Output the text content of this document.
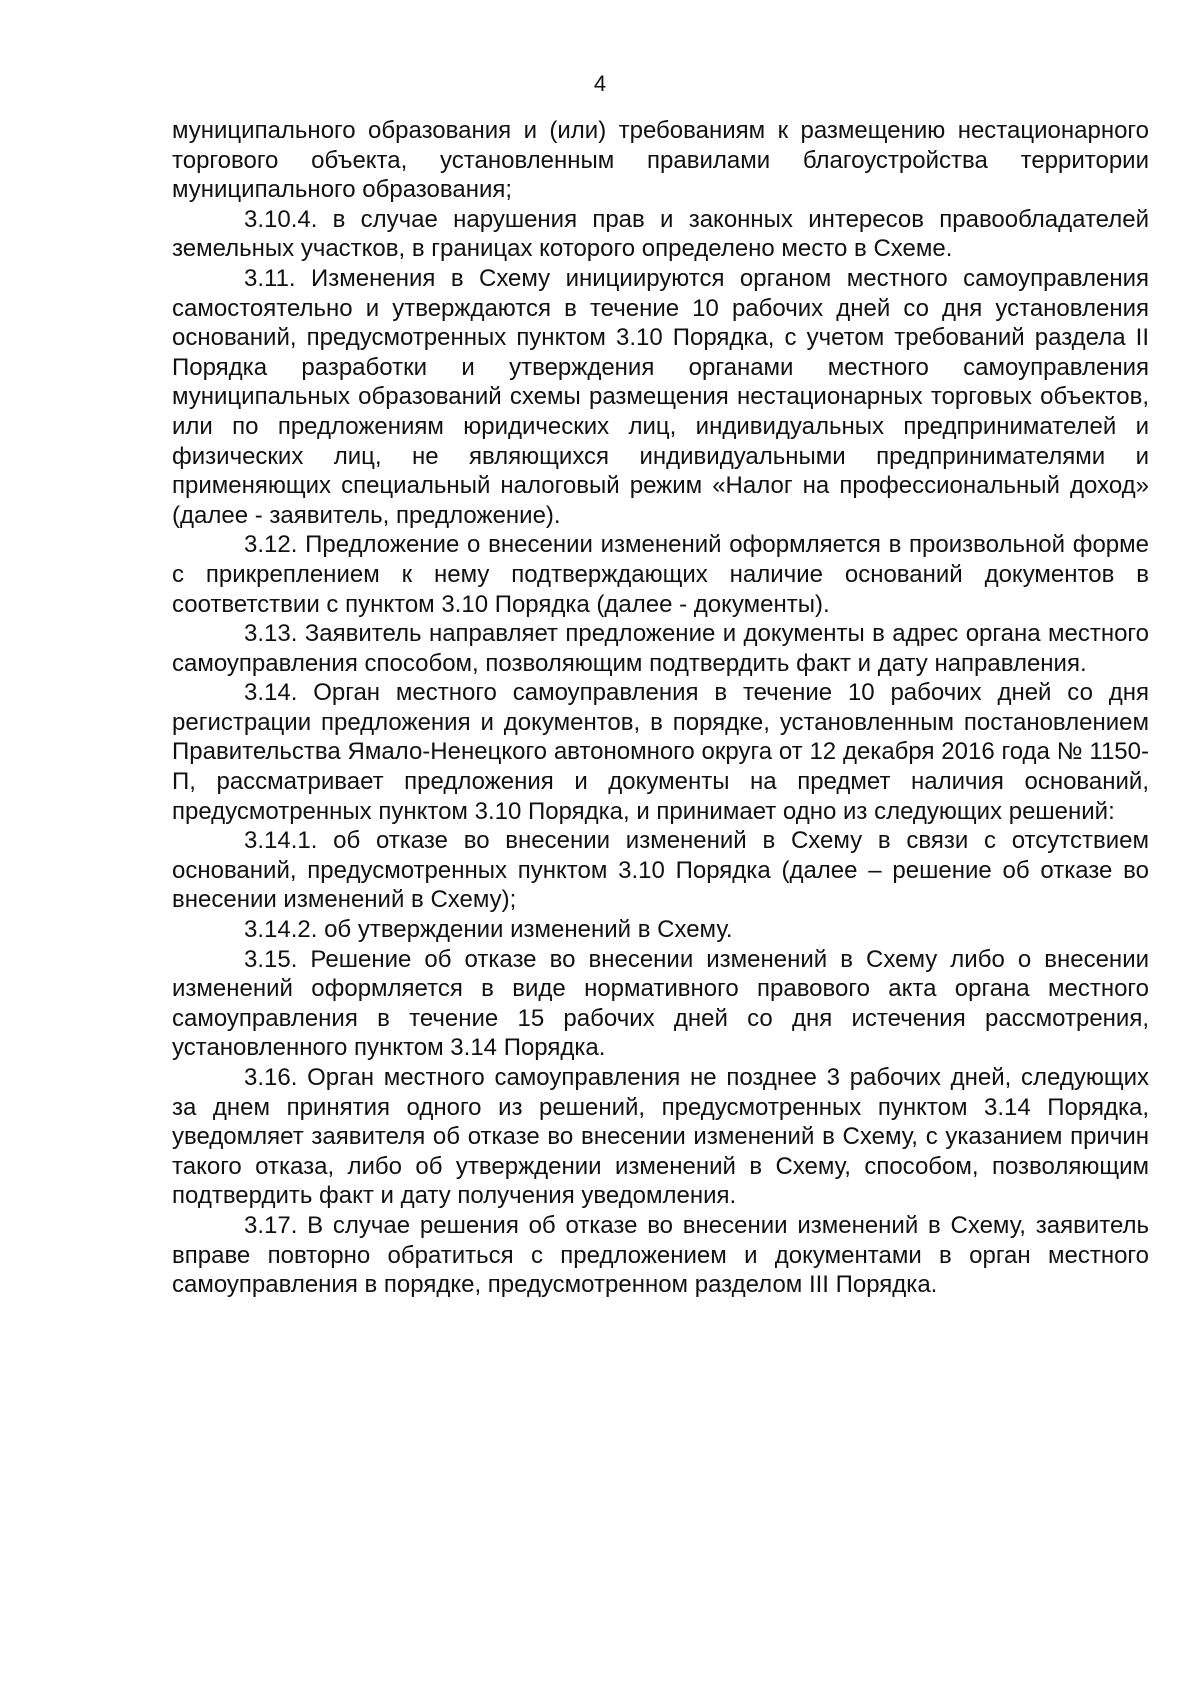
4

муниципального образования и (или) требованиям к размещению нестационарного торгового объекта, установленным правилами благоустройства территории муниципального образования;

3.10.4. в случае нарушения прав и законных интересов правообладателей земельных участков, в границах которого определено место в Схеме.

3.11. Изменения в Схему инициируются органом местного самоуправления самостоятельно и утверждаются в течение 10 рабочих дней со дня установления оснований, предусмотренных пунктом 3.10 Порядка, с учетом требований раздела II Порядка разработки и утверждения органами местного самоуправления муниципальных образований схемы размещения нестационарных торговых объектов, или по предложениям юридических лиц, индивидуальных предпринимателей и физических лиц, не являющихся индивидуальными предпринимателями и применяющих специальный налоговый режим «Налог на профессиональный доход» (далее - заявитель, предложение).

3.12. Предложение о внесении изменений оформляется в произвольной форме с прикреплением к нему подтверждающих наличие оснований документов в соответствии с пунктом 3.10 Порядка (далее - документы).

3.13. Заявитель направляет предложение и документы в адрес органа местного самоуправления способом, позволяющим подтвердить факт и дату направления.

3.14. Орган местного самоуправления в течение 10 рабочих дней со дня регистрации предложения и документов, в порядке, установленным постановлением Правительства Ямало-Ненецкого автономного округа от 12 декабря 2016 года № 1150-П, рассматривает предложения и документы на предмет наличия оснований, предусмотренных пунктом 3.10 Порядка, и принимает одно из следующих решений:

3.14.1. об отказе во внесении изменений в Схему в связи с отсутствием оснований, предусмотренных пунктом 3.10 Порядка (далее – решение об отказе во внесении изменений в Схему);

3.14.2. об утверждении изменений в Схему.

3.15. Решение об отказе во внесении изменений в Схему либо о внесении изменений оформляется в виде нормативного правового акта органа местного самоуправления в течение 15 рабочих дней со дня истечения рассмотрения, установленного пунктом 3.14 Порядка.

3.16. Орган местного самоуправления не позднее 3 рабочих дней, следующих за днем принятия одного из решений, предусмотренных пунктом 3.14 Порядка, уведомляет заявителя об отказе во внесении изменений в Схему, с указанием причин такого отказа, либо об утверждении изменений в Схему, способом, позволяющим подтвердить факт и дату получения уведомления.

3.17. В случае решения об отказе во внесении изменений в Схему, заявитель вправе повторно обратиться с предложением и документами в орган местного самоуправления в порядке, предусмотренном разделом III Порядка.
